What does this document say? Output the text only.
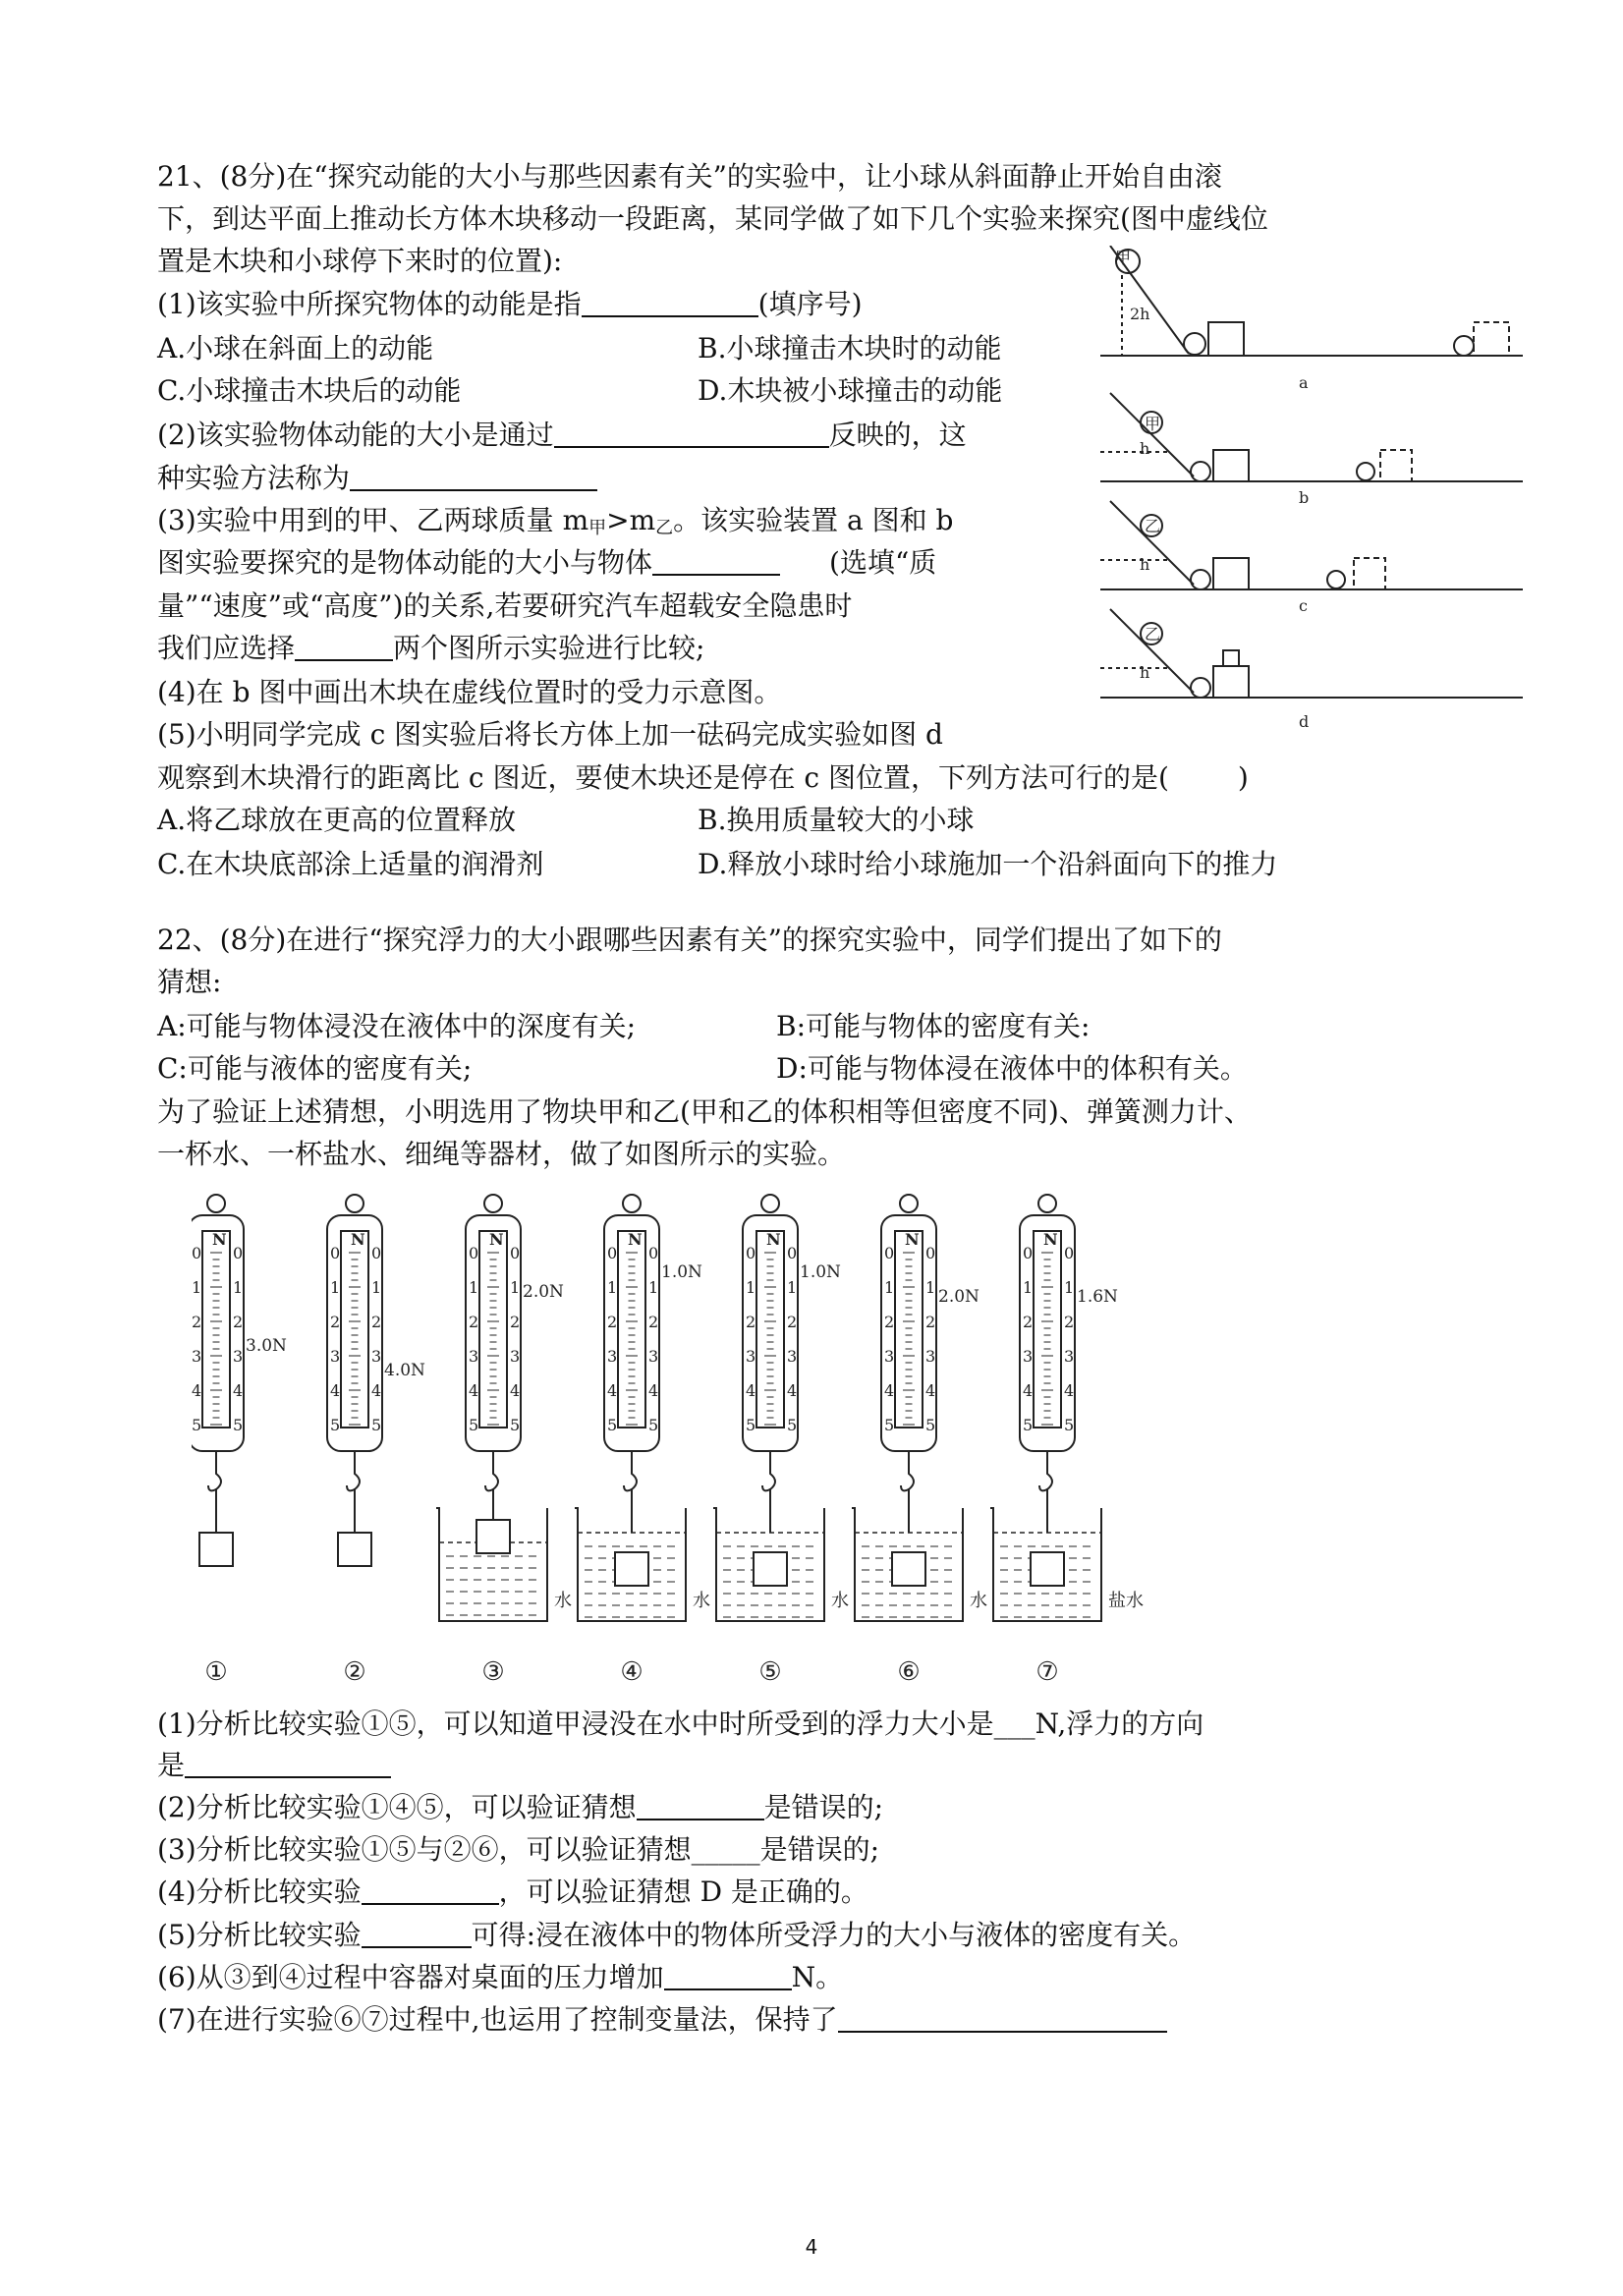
21、(8分)在“探究动能的大小与那些因素有关”的实验中，让小球从斜面静止开始自由滚
下，到达平面上推动长方体木块移动一段距离，某同学做了如下几个实验来探究(图中虚线位
置是木块和小球停下来时的位置):
(1)该实验中所探究物体的动能是指	(填序号)
A.小球在斜面上的动能	B.小球撞击木块时的动能
C.小球撞击木块后的动能	D.木块被小球撞击的动能
(2)该实验物体动能的大小是通过	反映的，这
种实验方法称为
(3)实验中用到的甲、乙两球质量 $m_甲>m_乙$。该实验装置 a 图和 b
图实验要探究的是物体动能的大小与物体	(选填“质
量”“速度”或“高度”)的关系,若要研究汽车超载安全隐患时
我们应选择	两个图所示实验进行比较;
(4)在 b 图中画出木块在虚线位置时的受力示意图。
(5)小明同学完成 c 图实验后将长方体上加一砝码完成实验如图 d
观察到木块滑行的距离比 c 图近，要使木块还是停在 c 图位置，下列方法可行的是(	)
A.将乙球放在更高的位置释放	B.换用质量较大的小球
C.在木块底部涂上适量的润滑剂	D.释放小球时给小球施加一个沿斜面向下的推力
甲
2h
a
甲
h
b
乙
h
c
乙
h
d
22、(8分)在进行“探究浮力的大小跟哪些因素有关”的探究实验中，同学们提出了如下的
猜想:
A:可能与物体浸没在液体中的深度有关;	B:可能与物体的密度有关:
C:可能与液体的密度有关;	D:可能与物体浸在液体中的体积有关。
为了验证上述猜想，小明选用了物块甲和乙(甲和乙的体积相等但密度不同)、弹簧测力计、
一杯水、一杯盐水、细绳等器材，做了如图所示的实验。
N
0 0
1 1
2 2
3 3
4 4
5 5
3.0N
①
N
0 0
1 1
2 2
3 3
4 4
5 5
4.0N
②
N
0 0
1 1
2 2
3 3
4 4
5 5
2.0N
水
③
N
0 0
1 1
2 2
3 3
4 4
5 5
1.0N
水
④
N
0 0
1 1
2 2
3 3
4 4
5 5
1.0N
水
⑤
N
0 0
1 1
2 2
3 3
4 4
5 5
2.0N
水
⑥
N
0 0
1 1
2 2
3 3
4 4
5 5
1.6N
盐水
⑦
(1)分析比较实验①⑤，可以知道甲浸没在水中时所受到的浮力大小是___N,浮力的方向
是
(2)分析比较实验①④⑤，可以验证猜想	是错误的;
(3)分析比较实验①⑤与②⑥，可以验证猜想_____是错误的;
(4)分析比较实验	，可以验证猜想 D 是正确的。
(5)分析比较实验	可得:浸在液体中的物体所受浮力的大小与液体的密度有关。
(6)从③到④过程中容器对桌面的压力增加	N。
(7)在进行实验⑥⑦过程中,也运用了控制变量法，保持了
4
